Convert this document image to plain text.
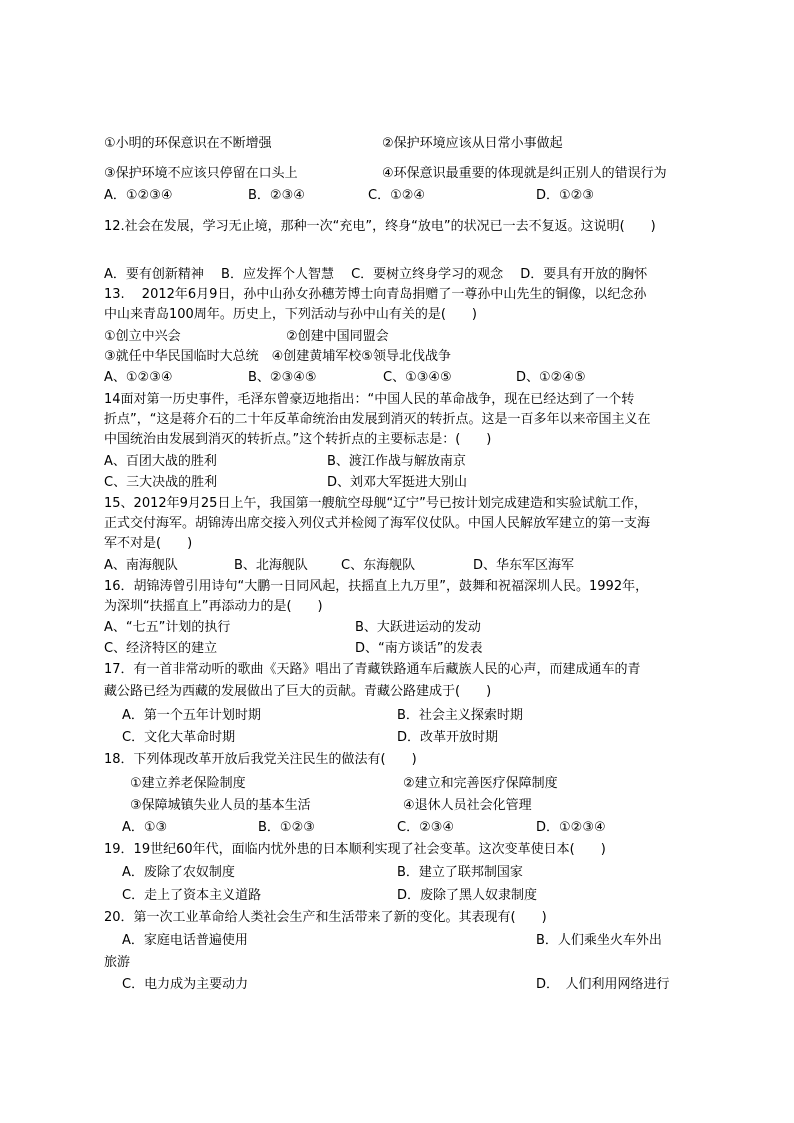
①小明的环保意识在不断增强	②保护环境应该从日常小事做起
③保护环境不应该只停留在口头上	④环保意识最重要的体现就是纠正别人的错误行为
A．①②③④	B．②③④	C．①②④	D．①②③
12.社会在发展，学习无止境，那种一次“充电”，终身“放电”的状况已一去不复返。这说明(　　)
A．要有创新精神　 B．应发挥个人智慧　 C．要树立终身学习的观念　 D．要具有开放的胸怀
13.　 2012年6月9日，孙中山孙女孙穗芳博士向青岛捐赠了一尊孙中山先生的铜像，以纪念孙
中山来青岛100周年。历史上，下列活动与孙中山有关的是(　　)
①创立中兴会	②创建中国同盟会
③就任中华民国临时大总统　④创建黄埔军校⑤领导北伐战争
A、①②③④	B、②③④⑤	C、①③④⑤	D、①②④⑤
14面对第一历史事件，毛泽东曾豪迈地指出：“中国人民的革命战争，现在已经达到了一个转
折点”，“这是蒋介石的二十年反革命统治由发展到消灭的转折点。这是一百多年以来帝国主义在
中国统治由发展到消灭的转折点。”这个转折点的主要标志是：(　　)
A、百团大战的胜利	B、渡江作战与解放南京
C、三大决战的胜利	D、刘邓大军挺进大别山
15、2012年9月25日上午，我国第一艘航空母舰“辽宁”号已按计划完成建造和实验试航工作，
正式交付海军。胡锦涛出席交接入列仪式并检阅了海军仪仗队。中国人民解放军建立的第一支海
军不对是(　　)
A、南海舰队	B、北海舰队	C、东海舰队	D、华东军区海军
16．胡锦涛曾引用诗句“大鹏一日同风起，扶摇直上九万里”，鼓舞和祝福深圳人民。1992年，
为深圳“扶摇直上”再添动力的是(　　)
A、“七五”计划的执行	B、大跃进运动的发动
C、经济特区的建立	D、“南方谈话”的发表
17．有一首非常动听的歌曲《天路》唱出了青藏铁路通车后藏族人民的心声，而建成通车的青
藏公路已经为西藏的发展做出了巨大的贡献。青藏公路建成于(　　)
A．第一个五年计划时期	B．社会主义探索时期
C．文化大革命时期	D．改革开放时期
18．下列体现改革开放后我党关注民生的做法有(　　)
①建立养老保险制度	②建立和完善医疗保障制度
③保障城镇失业人员的基本生活	④退休人员社会化管理
A．①③	B．①②③	C．②③④	D．①②③④
19．19世纪60年代，面临内忧外患的日本顺利实现了社会变革。这次变革使日本(　　)
A．废除了农奴制度	B．建立了联邦制国家
C．走上了资本主义道路	D．废除了黑人奴隶制度
20．第一次工业革命给人类社会生产和生活带来了新的变化。其表现有(　　)
A．家庭电话普遍使用	B．人们乘坐火车外出
旅游
C．电力成为主要动力	D．　人们利用网络进行
